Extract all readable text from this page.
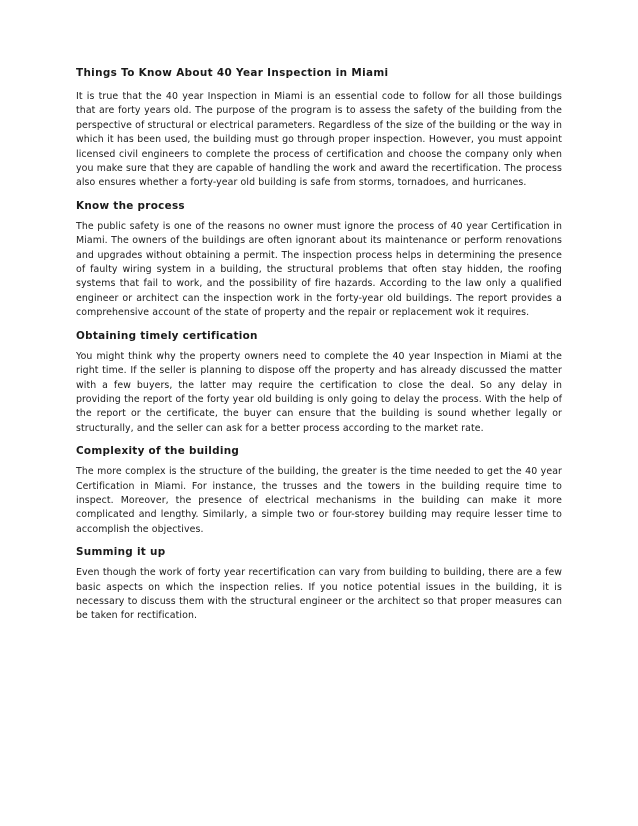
Things To Know About 40 Year Inspection in Miami

It is true that the 40 year Inspection in Miami is an essential code to follow for all those buildings that are forty years old. The purpose of the program is to assess the safety of the building from the perspective of structural or electrical parameters. Regardless of the size of the building or the way in which it has been used, the building must go through proper inspection. However, you must appoint licensed civil engineers to complete the process of certification and choose the company only when you make sure that they are capable of handling the work and award the recertification. The process also ensures whether a forty-year old building is safe from storms, tornadoes, and hurricanes.

Know the process

The public safety is one of the reasons no owner must ignore the process of 40 year Certification in Miami. The owners of the buildings are often ignorant about its maintenance or perform renovations and upgrades without obtaining a permit. The inspection process helps in determining the presence of faulty wiring system in a building, the structural problems that often stay hidden, the roofing systems that fail to work, and the possibility of fire hazards. According to the law only a qualified engineer or architect can the inspection work in the forty-year old buildings. The report provides a comprehensive account of the state of property and the repair or replacement wok it requires.

Obtaining timely certification

You might think why the property owners need to complete the 40 year Inspection in Miami at the right time. If the seller is planning to dispose off the property and has already discussed the matter with a few buyers, the latter may require the certification to close the deal. So any delay in providing the report of the forty year old building is only going to delay the process. With the help of the report or the certificate, the buyer can ensure that the building is sound whether legally or structurally, and the seller can ask for a better process according to the market rate.

Complexity of the building

The more complex is the structure of the building, the greater is the time needed to get the 40 year Certification in Miami. For instance, the trusses and the towers in the building require time to inspect. Moreover, the presence of electrical mechanisms in the building can make it more complicated and lengthy. Similarly, a simple two or four-storey building may require lesser time to accomplish the objectives.

Summing it up

Even though the work of forty year recertification can vary from building to building, there are a few basic aspects on which the inspection relies. If you notice potential issues in the building, it is necessary to discuss them with the structural engineer or the architect so that proper measures can be taken for rectification.
